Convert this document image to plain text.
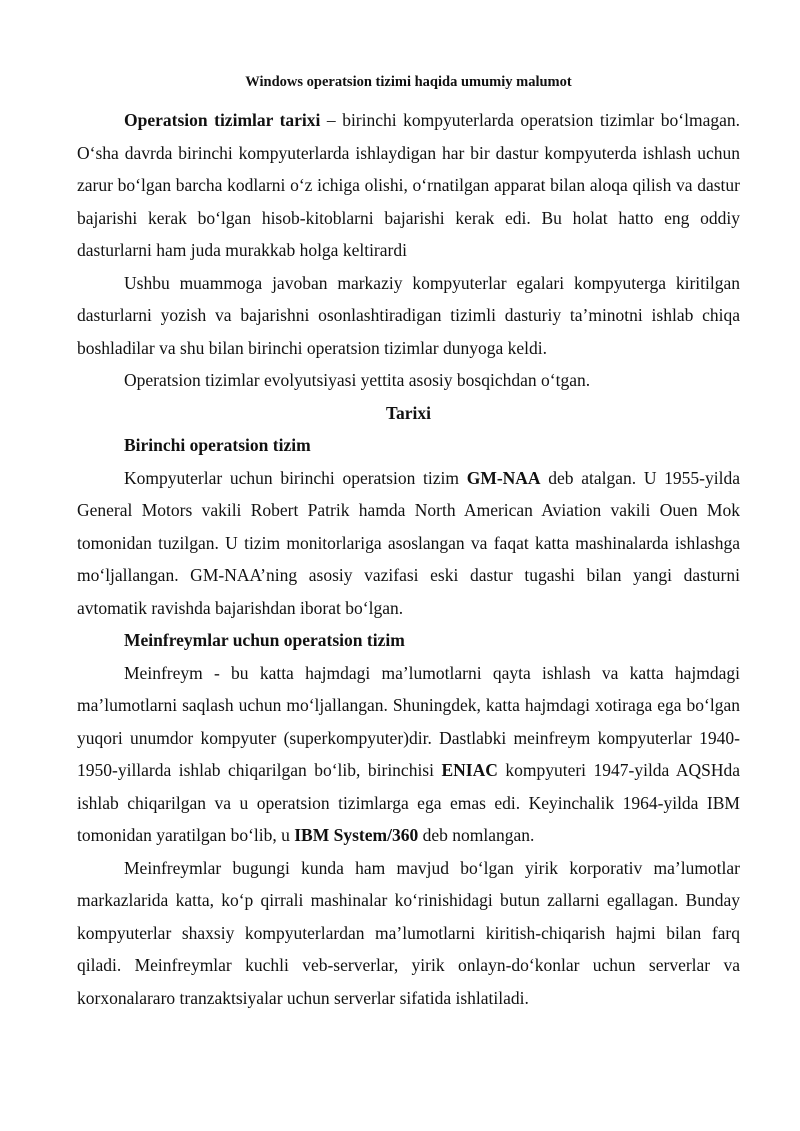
Windows operatsion tizimi haqida umumiy malumot

Operatsion tizimlar tarixi – birinchi kompyuterlarda operatsion tizimlar boʻlmagan. Oʻsha davrda birinchi kompyuterlarda ishlaydigan har bir dastur kompyuterda ishlash uchun zarur boʻlgan barcha kodlarni oʻz ichiga olishi, oʻrnatilgan apparat bilan aloqa qilish va dastur bajarishi kerak boʻlgan hisob-kitoblarni bajarishi kerak edi. Bu holat hatto eng oddiy dasturlarni ham juda murakkab holga keltirardi

Ushbu muammoga javoban markaziy kompyuterlar egalari kompyuterga kiritilgan dasturlarni yozish va bajarishni osonlashtiradigan tizimli dasturiy ta’minotni ishlab chiqa boshladilar va shu bilan birinchi operatsion tizimlar dunyoga keldi.

Operatsion tizimlar evolyutsiyasi yettita asosiy bosqichdan oʻtgan.

Tarixi
Birinchi operatsion tizim

Kompyuterlar uchun birinchi operatsion tizim GM-NAA deb atalgan. U 1955-yilda General Motors vakili Robert Patrik hamda North American Aviation vakili Ouen Mok tomonidan tuzilgan. U tizim monitorlariga asoslangan va faqat katta mashinalarda ishlashga moʻljallangan. GM-NAA’ning asosiy vazifasi eski dastur tugashi bilan yangi dasturni avtomatik ravishda bajarishdan iborat boʻlgan.

Meinfreymlar uchun operatsion tizim

Meinfreym - bu katta hajmdagi ma’lumotlarni qayta ishlash va katta hajmdagi ma’lumotlarni saqlash uchun moʻljallangan. Shuningdek, katta hajmdagi xotiraga ega boʻlgan yuqori unumdor kompyuter (superkompyuter)dir. Dastlabki meinfreym kompyuterlar 1940-1950-yillarda ishlab chiqarilgan boʻlib, birinchisi ENIAC kompyuteri 1947-yilda AQSHda ishlab chiqarilgan va u operatsion tizimlarga ega emas edi. Keyinchalik 1964-yilda IBM tomonidan yaratilgan boʻlib, u IBM System/360 deb nomlangan.

Meinfreymlar bugungi kunda ham mavjud boʻlgan yirik korporativ ma’lumotlar markazlarida katta, koʻp qirrali mashinalar koʻrinishidagi butun zallarni egallagan. Bunday kompyuterlar shaxsiy kompyuterlardan ma’lumotlarni kiritish-chiqarish hajmi bilan farq qiladi. Meinfreymlar kuchli veb-serverlar, yirik onlayn-doʻkonlar uchun serverlar va korxonalararo tranzaktsiyalar uchun serverlar sifatida ishlatiladi.
